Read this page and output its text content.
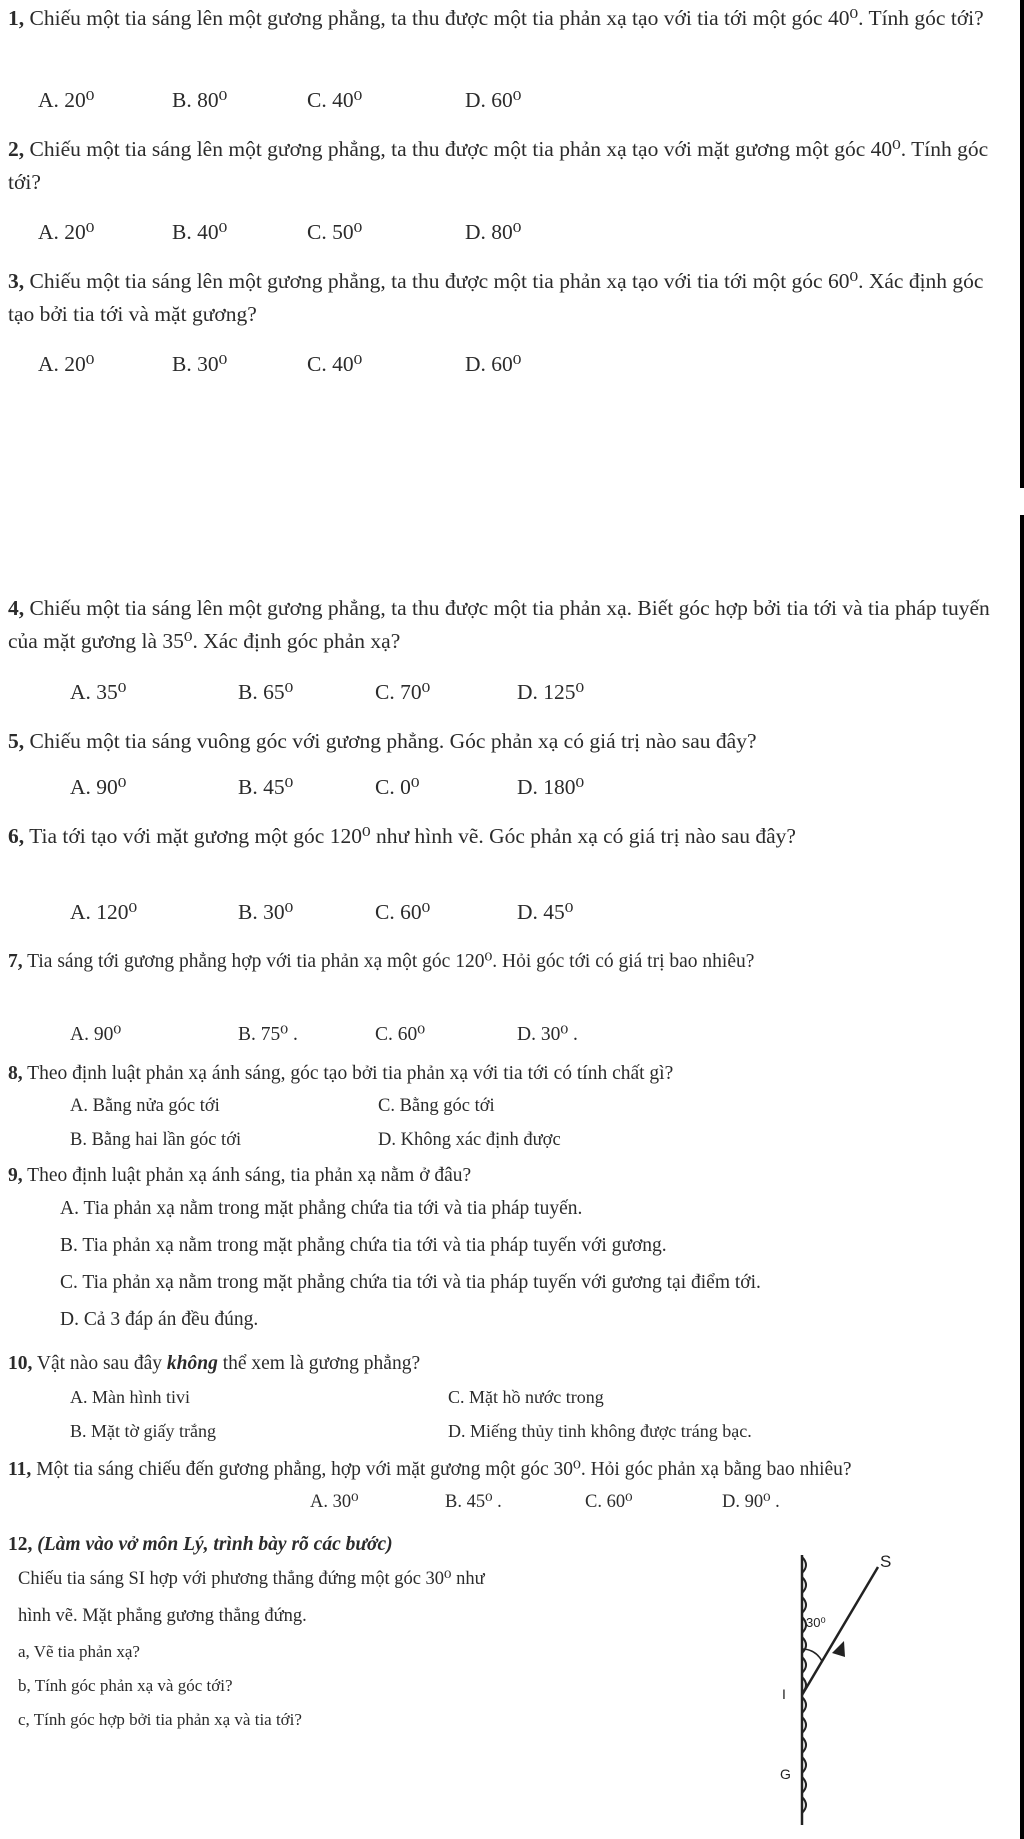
1, Chiếu một tia sáng lên một gương phẳng, ta thu được một tia phản xạ tạo với tia tới một góc 40⁰. Tính góc tới?
A. 20⁰	B. 80⁰	C. 40⁰	D. 60⁰
2, Chiếu một tia sáng lên một gương phẳng, ta thu được một tia phản xạ tạo với mặt gương một góc 40⁰. Tính góc tới?
A. 20⁰	B. 40⁰	C. 50⁰	D. 80⁰
3, Chiếu một tia sáng lên một gương phẳng, ta thu được một tia phản xạ tạo với tia tới một góc 60⁰. Xác định góc tạo bởi tia tới và mặt gương?
A. 20⁰	B. 30⁰	C. 40⁰	D. 60⁰
4, Chiếu một tia sáng lên một gương phẳng, ta thu được một tia phản xạ. Biết góc hợp bởi tia tới và tia pháp tuyến của mặt gương là 35⁰. Xác định góc phản xạ?
A. 35⁰	B. 65⁰	C. 70⁰	D. 125⁰
5, Chiếu một tia sáng vuông góc với gương phẳng. Góc phản xạ có giá trị nào sau đây?
A. 90⁰	B. 45⁰	C. 0⁰	D. 180⁰
6, Tia tới tạo với mặt gương một góc 120⁰ như hình vẽ. Góc phản xạ có giá trị nào sau đây?
A. 120⁰	B. 30⁰	C. 60⁰	D. 45⁰
7, Tia sáng tới gương phẳng hợp với tia phản xạ một góc 120⁰. Hỏi góc tới có giá trị bao nhiêu?
A. 90⁰	B. 75⁰ .	C. 60⁰	D. 30⁰ .
8, Theo định luật phản xạ ánh sáng, góc tạo bởi tia phản xạ với tia tới có tính chất gì?
A. Bằng nửa góc tới	C. Bằng góc tới
B. Bằng hai lần góc tới	D. Không xác định được
9, Theo định luật phản xạ ánh sáng, tia phản xạ nằm ở đâu?
A. Tia phản xạ nằm trong mặt phẳng chứa tia tới và tia pháp tuyến.
B. Tia phản xạ nằm trong mặt phẳng chứa tia tới và tia pháp tuyến với gương.
C. Tia phản xạ nằm trong mặt phẳng chứa tia tới và tia pháp tuyến với gương tại điểm tới.
D. Cả 3 đáp án đều đúng.
10, Vật nào sau đây không thể xem là gương phẳng?
A. Màn hình tivi	C. Mặt hồ nước trong
B. Mặt tờ giấy trắng	D. Miếng thủy tinh không được tráng bạc.
11, Một tia sáng chiếu đến gương phẳng, hợp với mặt gương một góc 30⁰. Hỏi góc phản xạ bằng bao nhiêu?
A. 30⁰	B. 45⁰ .	C. 60⁰	D. 90⁰ .
12, (Làm vào vở môn Lý, trình bày rõ các bước)
Chiếu tia sáng SI hợp với phương thẳng đứng một góc 30⁰ như
hình vẽ. Mặt phẳng gương thẳng đứng.
a, Vẽ tia phản xạ?
b, Tính góc phản xạ và góc tới?
c, Tính góc hợp bởi tia phản xạ và tia tới?
30⁰
S
I
G
